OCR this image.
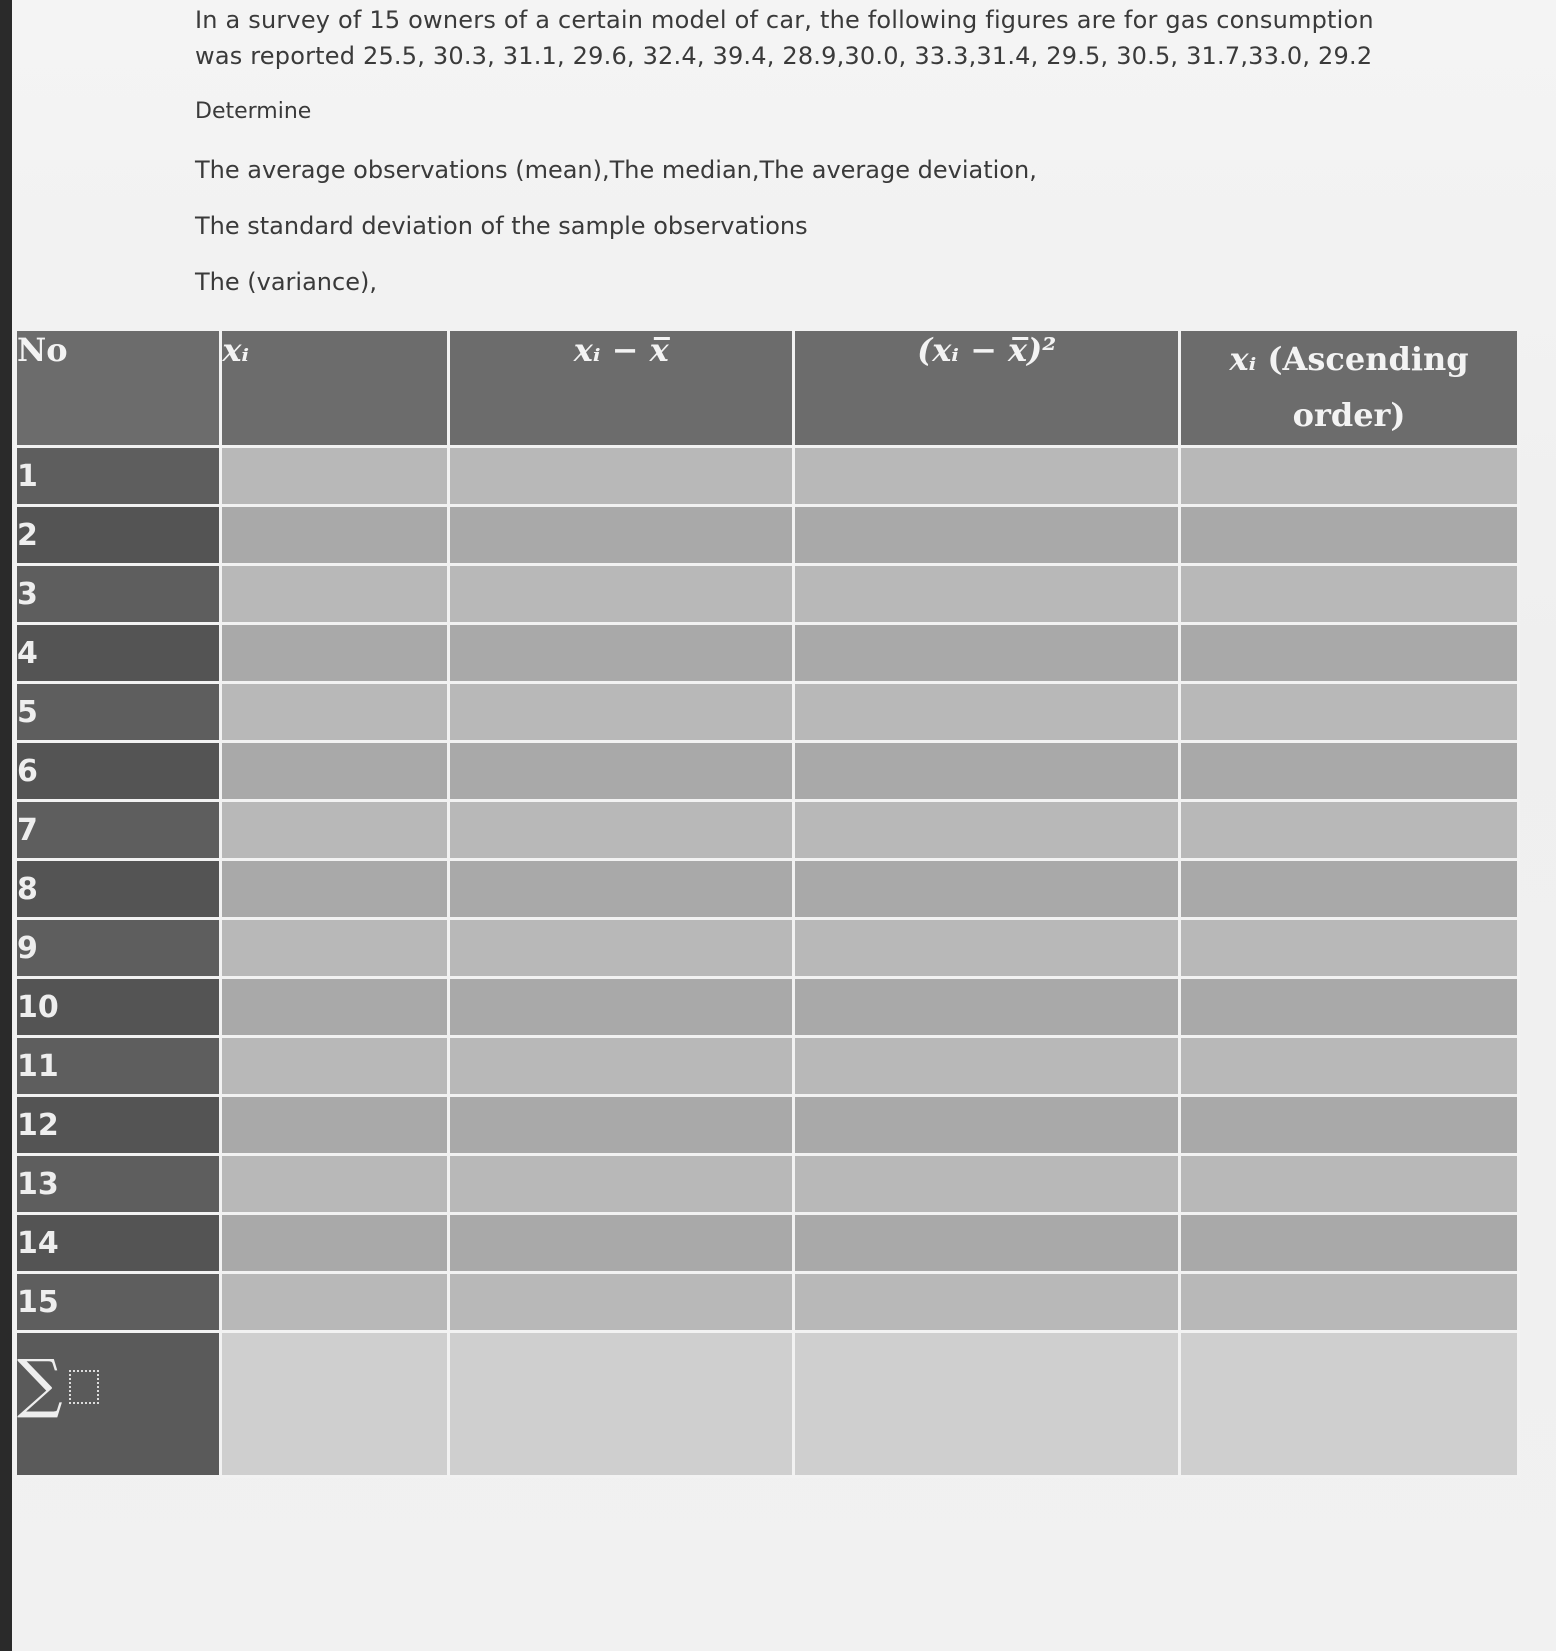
In a survey of 15 owners of a certain model of car, the following figures are for gas consumption

was reported 25.5, 30.3, 31.1, 29.6, 32.4, 39.4, 28.9,30.0, 33.3,31.4, 29.5, 30.5, 31.7,33.0, 29.2

Determine

The average observations (mean),The median,The average deviation,

The standard deviation of the sample observations

The (variance),

No	xᵢ	xᵢ − x̅	(xᵢ − x̅)²	xᵢ (Ascending
order)
1				
2				
3				
4				
5				
6				
7				
8				
9				
10				
11				
12				
13				
14				
15				
∑				
